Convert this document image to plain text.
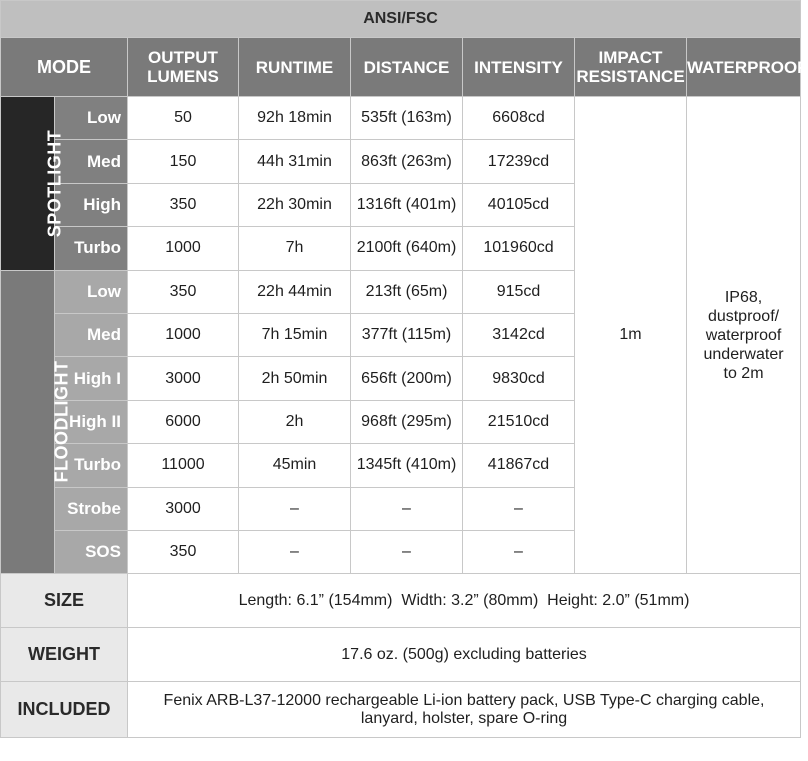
ANSI/FSC							
MODE		OUTPUT LUMENS	RUNTIME	DISTANCE	INTENSITY	IMPACT RESISTANCE	WATERPROOF
SPOTLIGHT	Low	50	92h 18min	535ft (163m)	6608cd	1m	IP68, dustproof/ waterproof underwater to 2m

	Med	150	44h 31min	863ft (263m)	17239cd		
	High	350	22h 30min	1316ft (401m)	40105cd		
	Turbo	1000	7h	2100ft (640m)	101960cd		
FLOODLIGHT	Low	350	22h 44min	213ft (65m)	915cd		
	Med	1000	7h 15min	377ft (115m)	3142cd		
	High I	3000	2h 50min	656ft (200m)	9830cd		
	High II	6000	2h	968ft (295m)	21510cd		
	Turbo	11000	45min	1345ft (410m)	41867cd		
	Strobe	3000	–	–	–		
	SOS	350	–	–	–		
SIZE		Length: 6.1” (154mm)  Width: 3.2” (80mm)  Height: 2.0” (51mm)					
WEIGHT		17.6 oz. (500g) excluding batteries					
INCLUDED		Fenix ARB-L37-12000 rechargeable Li-ion battery pack, USB Type-C charging cable, lanyard, holster, spare O-ring					
